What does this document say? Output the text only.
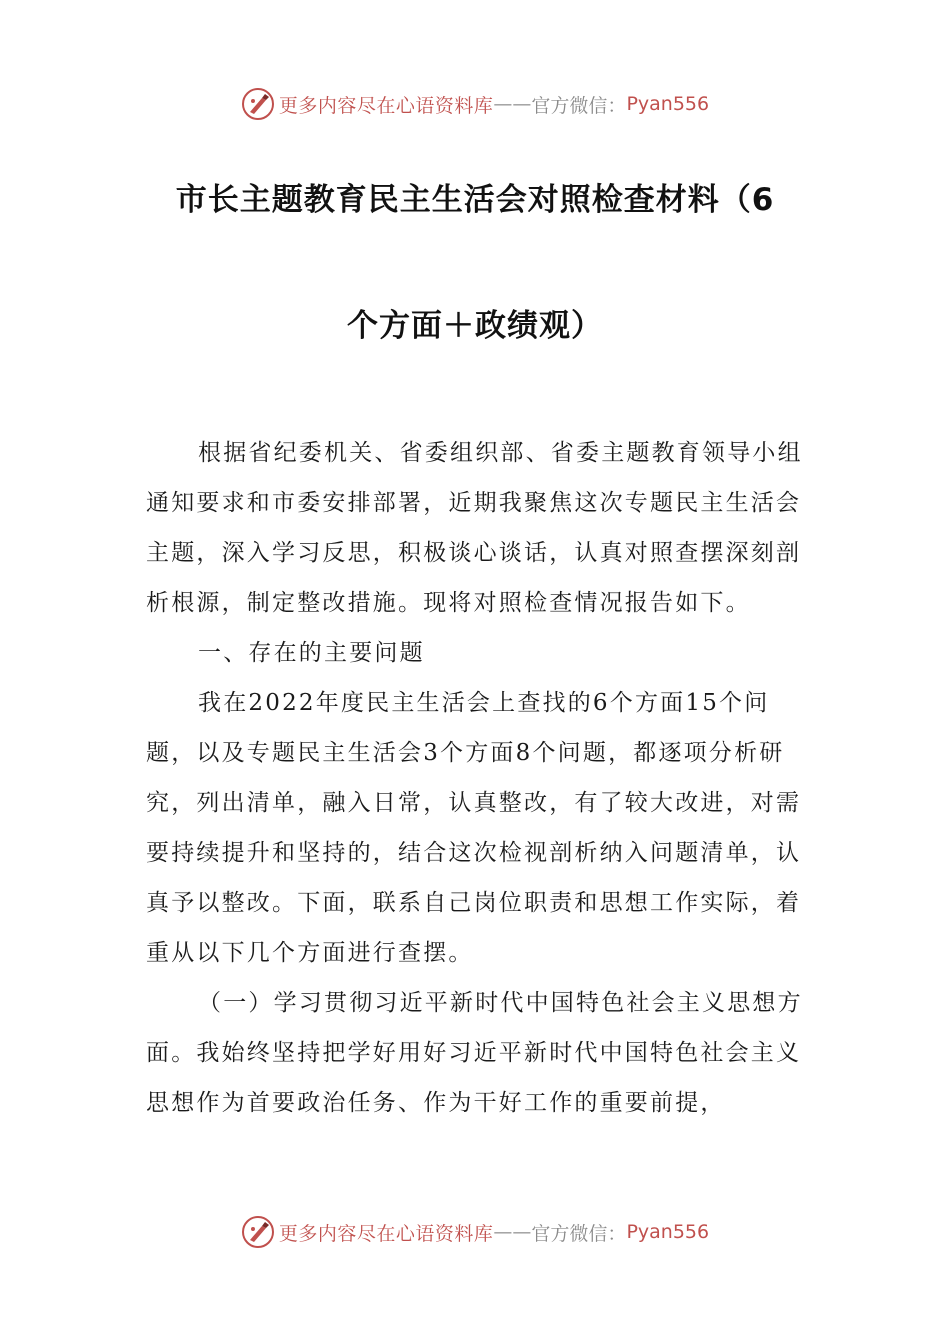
更多内容尽在心语资料库 —— 官方微信： Pyan556
市长主题教育民主生活会对照检查材料（6
个方面＋政绩观）

根据省纪委机关、省委组织部、省委主题教育领导小组通知要求和市委安排部署，近期我聚焦这次专题民主生活会主题，深入学习反思，积极谈心谈话，认真对照查摆深刻剖析根源，制定整改措施。现将对照检查情况报告如下。

一、存在的主要问题

我在2022年度民主生活会上查找的6个方面15个问题，以及专题民主生活会3个方面8个问题，都逐项分析研究，列出清单，融入日常，认真整改，有了较大改进，对需要持续提升和坚持的，结合这次检视剖析纳入问题清单，认真予以整改。下面，联系自己岗位职责和思想工作实际，着重从以下几个方面进行查摆。

（一）学习贯彻习近平新时代中国特色社会主义思想方面。我始终坚持把学好用好习近平新时代中国特色社会主义思想作为首要政治任务、作为干好工作的重要前提，

更多内容尽在心语资料库 —— 官方微信： Pyan556
